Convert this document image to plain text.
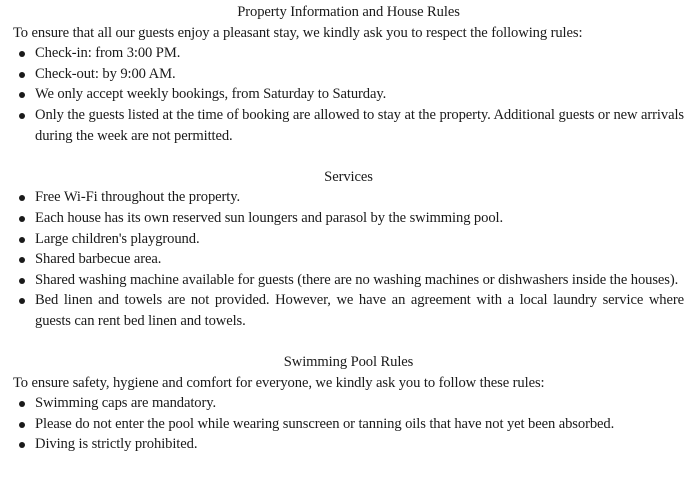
Property Information and House Rules

To ensure that all our guests enjoy a pleasant stay, we kindly ask you to respect the following rules:

Check-in: from 3:00 PM.
Check-out: by 9:00 AM.
We only accept weekly bookings, from Saturday to Saturday.
Only the guests listed at the time of booking are allowed to stay at the property. Additional guests or new arrivals during the week are not permitted.
Services
Free Wi-Fi throughout the property.
Each house has its own reserved sun loungers and parasol by the swimming pool.
Large children's playground.
Shared barbecue area.
Shared washing machine available for guests (there are no washing machines or dishwashers inside the houses).
Bed linen and towels are not provided. However, we have an agreement with a local laundry service where guests can rent bed linen and towels.
Swimming Pool Rules

To ensure safety, hygiene and comfort for everyone, we kindly ask you to follow these rules:

Swimming caps are mandatory.
Please do not enter the pool while wearing sunscreen or tanning oils that have not yet been absorbed.
Diving is strictly prohibited.
